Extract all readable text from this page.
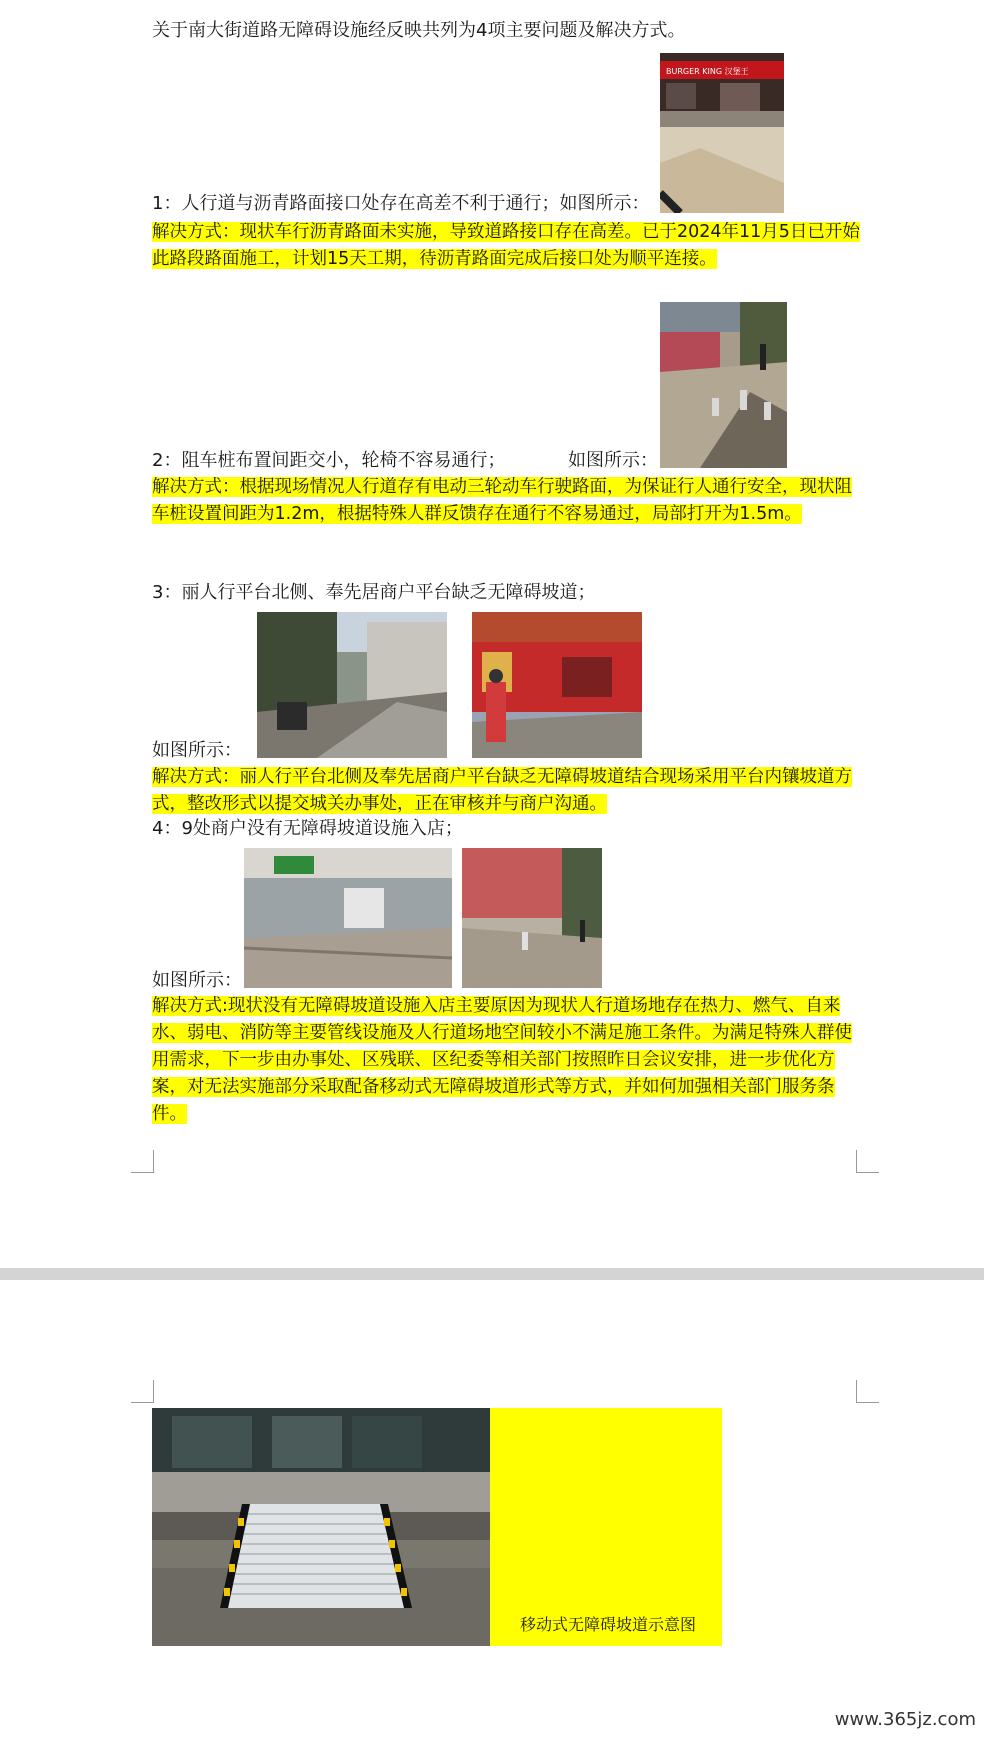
关于南大街道路无障碍设施经反映共列为4项主要问题及解决方式。
BURGER KING 汉堡王
1：人行道与沥青路面接口处存在高差不利于通行；如图所示：
解决方式：现状车行沥青路面未实施，导致道路接口存在高差。已于2024年11月5日已开始此路段路面施工，计划15天工期，待沥青路面完成后接口处为顺平连接。
2：阻车桩布置间距交小，轮椅不容易通行；	如图所示：
解决方式：根据现场情况人行道存有电动三轮动车行驶路面，为保证行人通行安全，现状阻车桩设置间距为1.2m，根据特殊人群反馈存在通行不容易通过，局部打开为1.5m。
3：丽人行平台北侧、奉先居商户平台缺乏无障碍坡道；
如图所示：
解决方式：丽人行平台北侧及奉先居商户平台缺乏无障碍坡道结合现场采用平台内镶坡道方式，整改形式以提交城关办事处，正在审核并与商户沟通。
4：9处商户没有无障碍坡道设施入店；
如图所示：
解决方式:现状没有无障碍坡道设施入店主要原因为现状人行道场地存在热力、燃气、自来水、弱电、消防等主要管线设施及人行道场地空间较小不满足施工条件。为满足特殊人群使用需求，下一步由办事处、区残联、区纪委等相关部门按照昨日会议安排，进一步优化方案，对无法实施部分采取配备移动式无障碍坡道形式等方式，并如何加强相关部门服务条件。
移动式无障碍坡道示意图
www.365jz.com
